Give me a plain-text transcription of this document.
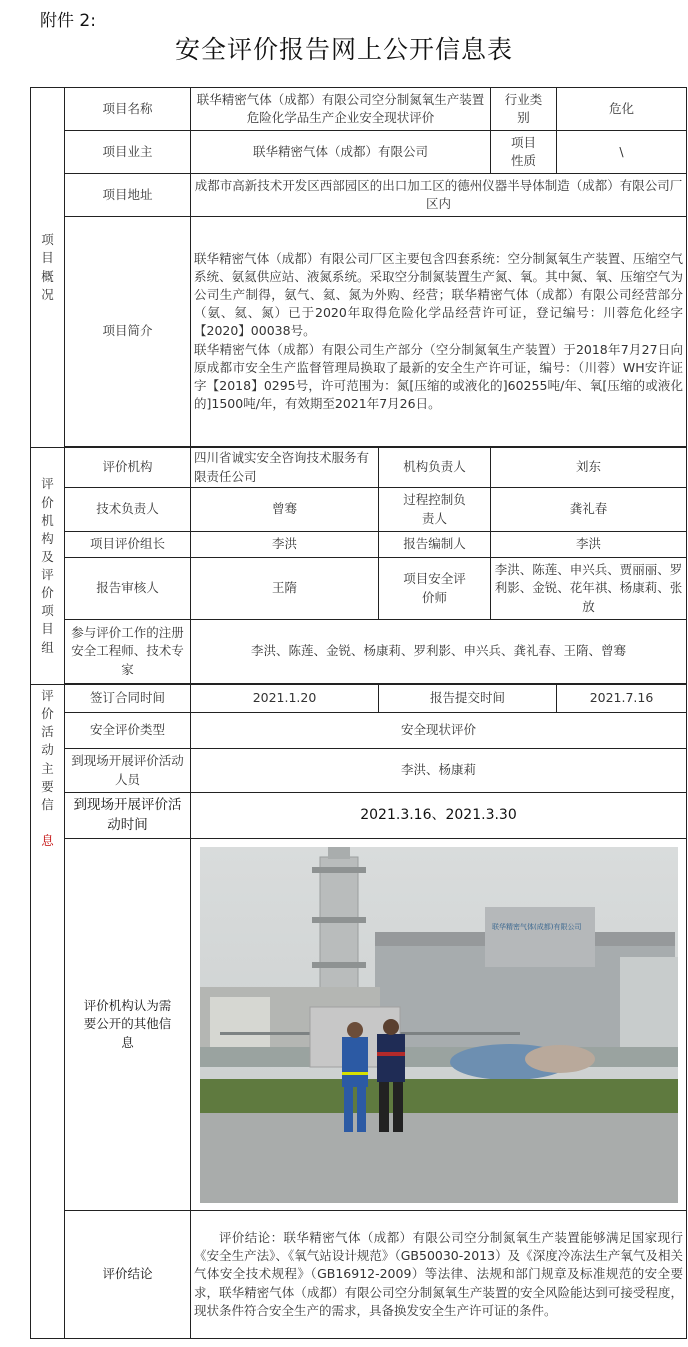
附件 2:
安全评价报告网上公开信息表
项目概况	项目名称	联华精密气体（成都）有限公司空分制氮氧生产装置危险化学品生产企业安全现状评价		行业类别	危化
	项目业主	联华精密气体（成都）有限公司		项目性质	\
	项目地址	成都市高新技术开发区西部园区的出口加工区的德州仪器半导体制造（成都）有限公司厂区内			
	项目简介	联华精密气体（成都）有限公司厂区主要包含四套系统：空分制氮氧生产装置、压缩空气系统、氨氦供应站、液氮系统。采取空分制氮装置生产氮、氧。其中氮、氧、压缩空气为公司生产制得，氨气、氦、氮为外购、经营；联华精密气体（成都）有限公司经营部分（氨、氦、氮）已于2020年取得危险化学品经营许可证，登记编号：川蓉危化经字【2020】00038号。
联华精密气体（成都）有限公司生产部分（空分制氮氧生产装置）于2018年7月27日向原成都市安全生产监督管理局换取了最新的安全生产许可证，编号：（川蓉）WH安许证字【2018】0295号，许可范围为：氮[压缩的或液化的]60255吨/年、氧[压缩的或液化的]1500吨/年，有效期至2021年7月26日。			

评价机构及评价项目组	评价机构	四川省诚实安全咨询技术服务有限责任公司	机构负责人	刘东	
	技术负责人	曾骞	过程控制负责人	龚礼春	
	项目评价组长	李洪	报告编制人	李洪	
	报告审核人	王隋	项目安全评价师	李洪、陈莲、申兴兵、贾丽丽、罗利影、金锐、花年祺、杨康莉、张放	
	参与评价工作的注册安全工程师、技术专家	李洪、陈莲、金锐、杨康莉、罗利影、申兴兵、龚礼春、王隋、曾骞			

评价活动主要信

息	签订合同时间	2021.1.20	报告提交时间		2021.7.16
	安全评价类型	安全现状评价			
	到现场开展评价活动人员	李洪、杨康莉			
	到现场开展评价活动时间	2021.3.16、2021.3.30			
	评价机构认为需要公开的其他信息	联华精密气体(成都)有限公司			

	评价结论	评价结论：联华精密气体（成都）有限公司空分制氮氧生产装置能够满足国家现行《安全生产法》、《氧气站设计规范》（GB50030-2013）及《深度冷冻法生产氧气及相关气体安全技术规程》（GB16912-2009）等法律、法规和部门规章及标准规范的安全要求，联华精密气体（成都）有限公司空分制氮氧生产装置的安全风险能达到可接受程度，现状条件符合安全生产的需求，具备换发安全生产许可证的条件。			
